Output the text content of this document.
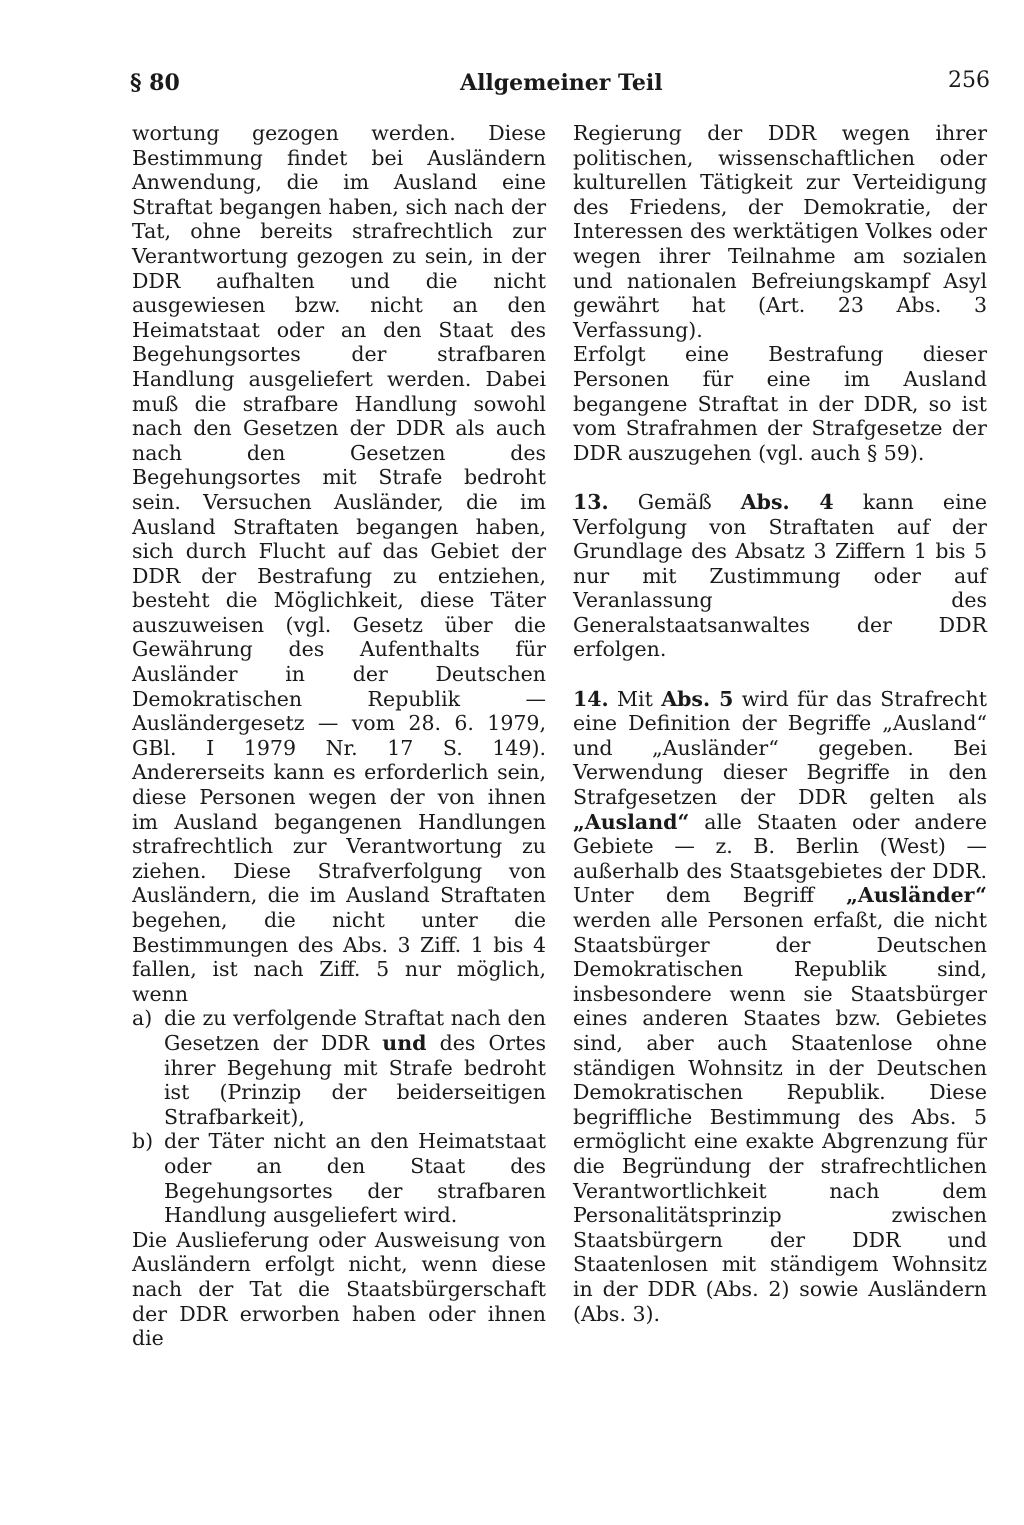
§ 80	Allgemeiner Teil	256

wortung gezogen werden. Diese Bestimmung findet bei Ausländern Anwendung, die im Ausland eine Straftat begangen haben, sich nach der Tat, ohne bereits strafrechtlich zur Verantwortung gezogen zu sein, in der DDR aufhalten und die nicht ausgewiesen bzw. nicht an den Heimatstaat oder an den Staat des Begehungsortes der strafbaren Handlung ausgeliefert werden. Dabei muß die strafbare Handlung sowohl nach den Gesetzen der DDR als auch nach den Gesetzen des Begehungsortes mit Strafe bedroht sein. Versuchen Ausländer, die im Ausland Straftaten begangen haben, sich durch Flucht auf das Gebiet der DDR der Bestrafung zu entziehen, besteht die Möglichkeit, diese Täter auszuweisen (vgl. Gesetz über die Gewährung des Aufenthalts für Ausländer in der Deutschen Demokratischen Republik — Ausländergesetz — vom 28. 6. 1979, GBl. I 1979 Nr. 17 S. 149). Andererseits kann es erforderlich sein, diese Personen wegen der von ihnen im Ausland begangenen Handlungen strafrechtlich zur Verantwortung zu ziehen. Diese Strafverfolgung von Ausländern, die im Ausland Straftaten begehen, die nicht unter die Bestimmungen des Abs. 3 Ziff. 1 bis 4 fallen, ist nach Ziff. 5 nur möglich, wenn

a) die zu verfolgende Straftat nach den Gesetzen der DDR und des Ortes ihrer Begehung mit Strafe bedroht ist (Prinzip der beiderseitigen Strafbarkeit),

b) der Täter nicht an den Heimatstaat oder an den Staat des Begehungsortes der strafbaren Handlung ausgeliefert wird.

Die Auslieferung oder Ausweisung von Ausländern erfolgt nicht, wenn diese nach der Tat die Staatsbürgerschaft der DDR erworben haben oder ihnen die

Regierung der DDR wegen ihrer politischen, wissenschaftlichen oder kulturellen Tätigkeit zur Verteidigung des Friedens, der Demokratie, der Interessen des werktätigen Volkes oder wegen ihrer Teilnahme am sozialen und nationalen Befreiungskampf Asyl gewährt hat (Art. 23 Abs. 3 Verfassung).

Erfolgt eine Bestrafung dieser Personen für eine im Ausland begangene Straftat in der DDR, so ist vom Strafrahmen der Strafgesetze der DDR auszugehen (vgl. auch § 59).

13. Gemäß Abs. 4 kann eine Verfolgung von Straftaten auf der Grundlage des Absatz 3 Ziffern 1 bis 5 nur mit Zustimmung oder auf Veranlassung des Generalstaatsanwaltes der DDR erfolgen.

14. Mit Abs. 5 wird für das Strafrecht eine Definition der Begriffe „Ausland“ und „Ausländer“ gegeben. Bei Verwendung dieser Begriffe in den Strafgesetzen der DDR gelten als „Ausland“ alle Staaten oder andere Gebiete — z. B. Berlin (West) — außerhalb des Staatsgebietes der DDR. Unter dem Begriff „Ausländer“ werden alle Personen erfaßt, die nicht Staatsbürger der Deutschen Demokratischen Republik sind, insbesondere wenn sie Staatsbürger eines anderen Staates bzw. Gebietes sind, aber auch Staatenlose ohne ständigen Wohnsitz in der Deutschen Demokratischen Republik. Diese begriffliche Bestimmung des Abs. 5 ermöglicht eine exakte Abgrenzung für die Begründung der strafrechtlichen Verantwortlichkeit nach dem Personalitätsprinzip zwischen Staatsbürgern der DDR und Staatenlosen mit ständigem Wohnsitz in der DDR (Abs. 2) sowie Ausländern (Abs. 3).
